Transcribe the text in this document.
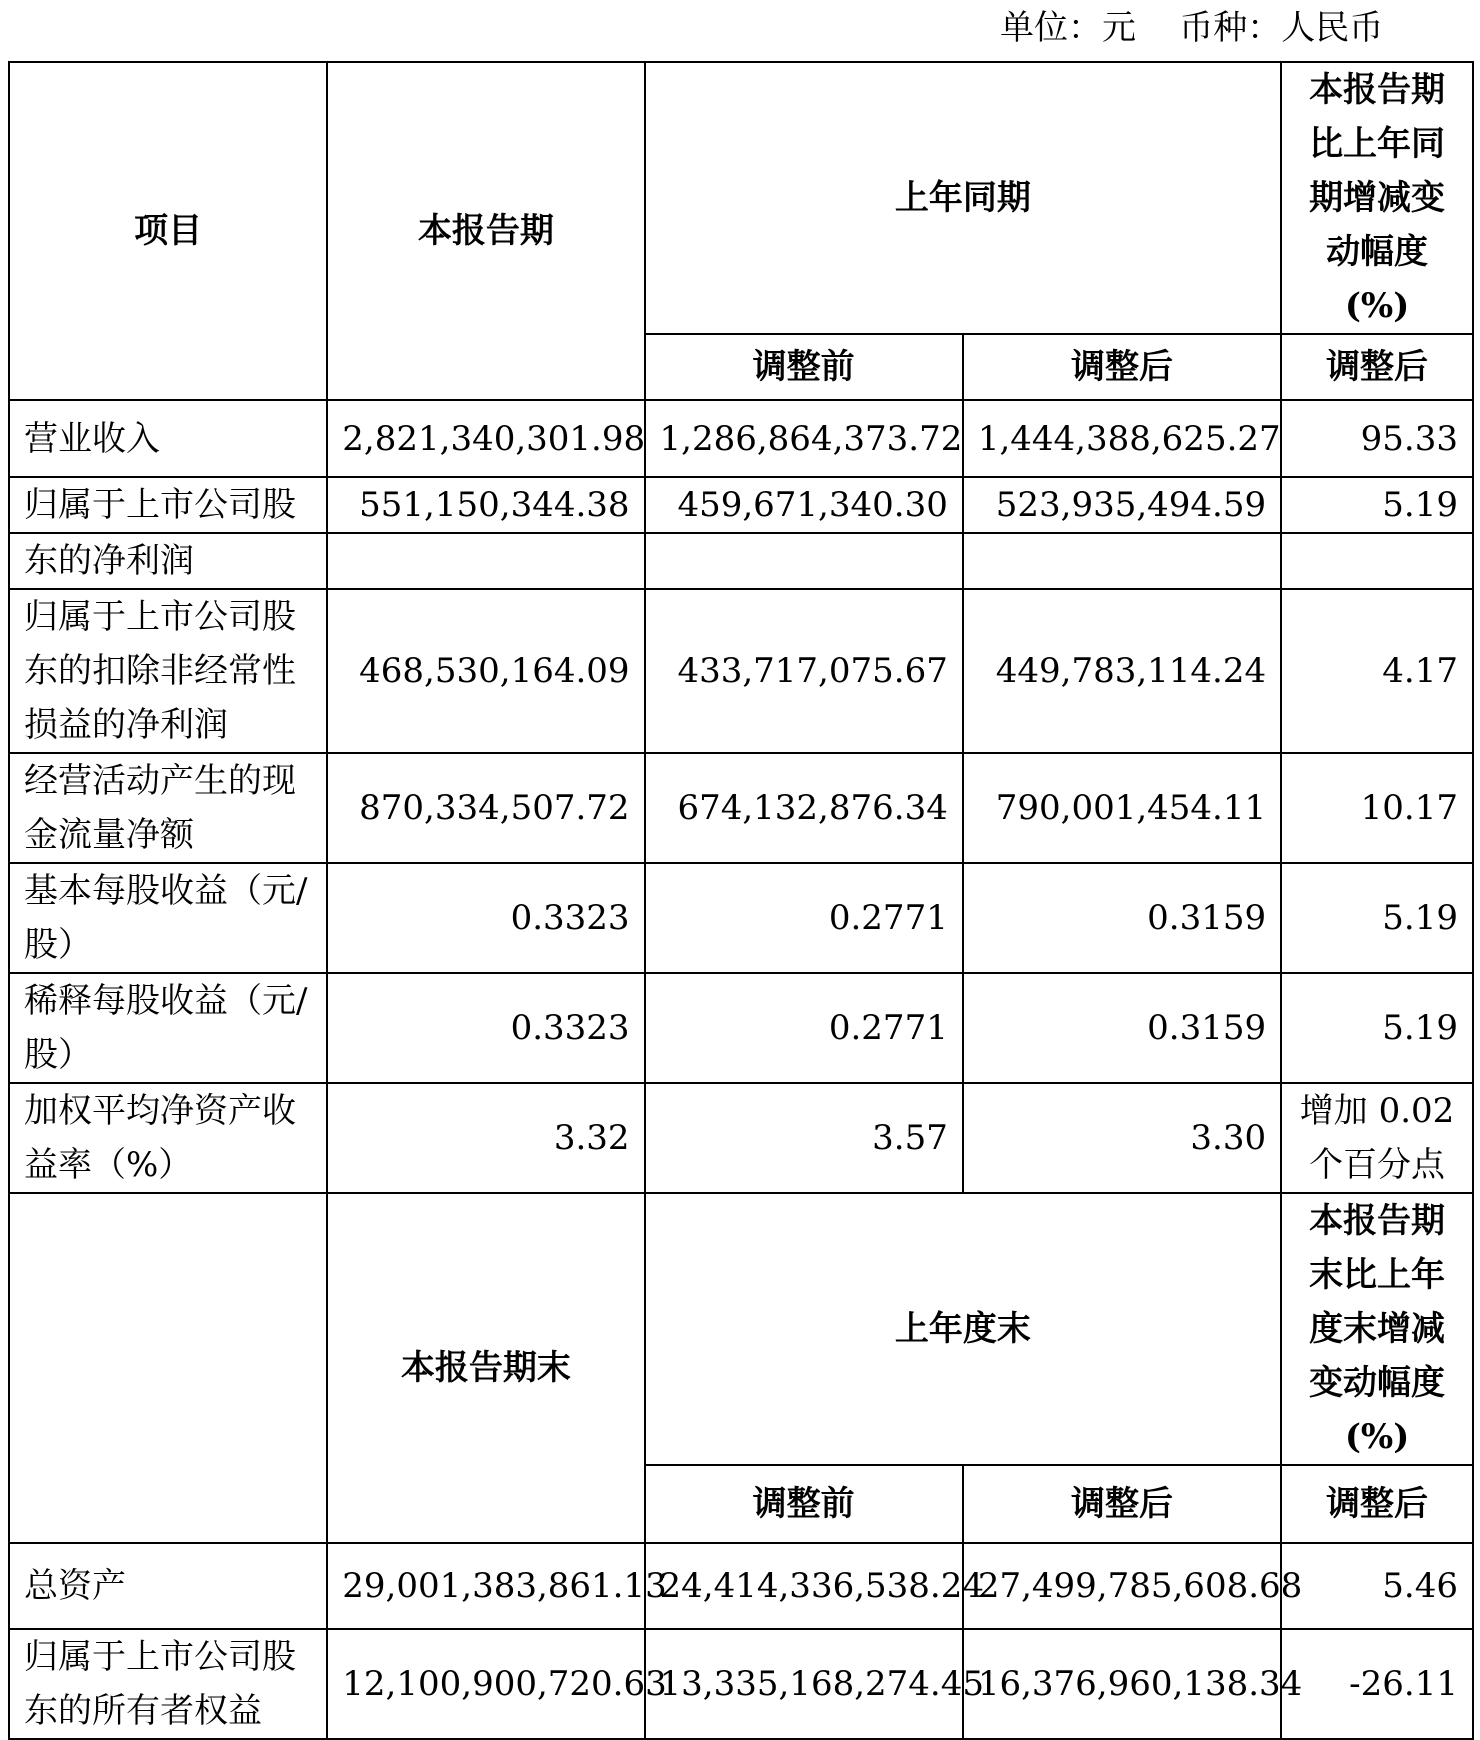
单位：元    币种：人民币
项目	本报告期	上年同期		本报告期比上年同期增减变动幅度(%)
		调整前	调整后	调整后
营业收入	2,821,340,301.98	1,286,864,373.72	1,444,388,625.27	95.33
归属于上市公司股	551,150,344.38	459,671,340.30	523,935,494.59	5.19
东的净利润				
归属于上市公司股东的扣除非经常性损益的净利润	468,530,164.09	433,717,075.67	449,783,114.24	4.17
经营活动产生的现金流量净额	870,334,507.72	674,132,876.34	790,001,454.11	10.17
基本每股收益（元/股）	0.3323	0.2771	0.3159	5.19
稀释每股收益（元/股）	0.3323	0.2771	0.3159	5.19
加权平均净资产收益率（%）	3.32	3.57	3.30	增加 0.02 个百分点
	本报告期末	上年度末		本报告期末比上年度末增减变动幅度(%)
		调整前	调整后	调整后
总资产	29,001,383,861.13	24,414,336,538.24	27,499,785,608.68	5.46
归属于上市公司股东的所有者权益	12,100,900,720.63	13,335,168,274.45	16,376,960,138.34	-26.11
